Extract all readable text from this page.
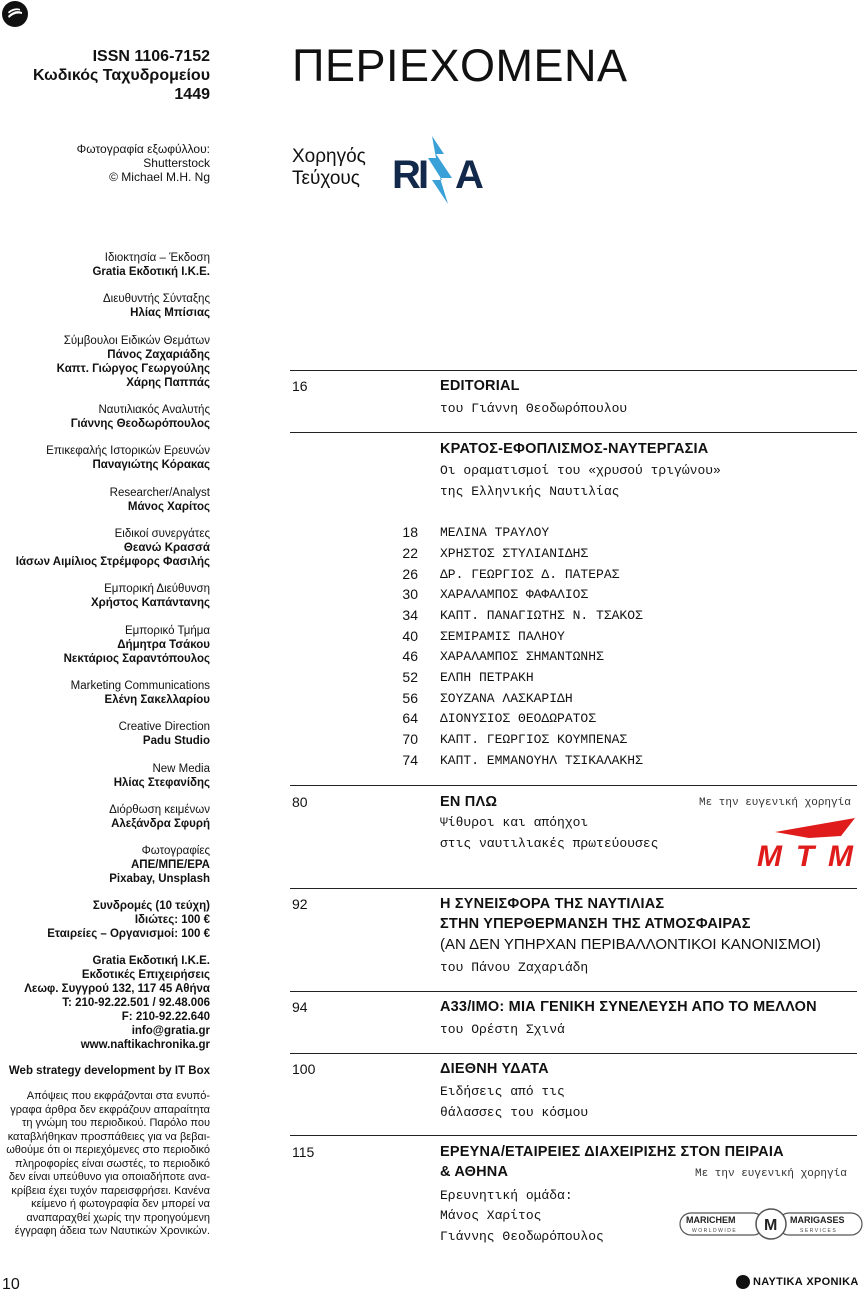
ISSN 1106-7152
Κωδικός Ταχυδρομείου
1449
Φωτογραφία εξωφύλλου:
Shutterstock
© Michael M.H. Ng
ΠΕΡΙΕΧΟΜΕΝΑ
Χορηγός
Τεύχους R
I A
Ιδιοκτησία – Έκδοση
Gratia Εκδοτική Ι.Κ.Ε.
Διευθυντής Σύνταξης
Ηλίας Μπίσιας
Σύμβουλοι Ειδικών Θεμάτων
Πάνος Ζαχαριάδης
Καπτ. Γιώργος Γεωργούλης
Χάρης Παππάς
Ναυτιλιακός Αναλυτής
Γιάννης Θεοδωρόπουλος
Επικεφαλής Ιστορικών Ερευνών
Παναγιώτης Κόρακας
Researcher/Analyst
Μάνος Χαρίτος
Ειδικοί συνεργάτες
Θεανώ Κρασσά
Ιάσων Αιμίλιος Στρέμφορς Φασιλής
Εμπορική Διεύθυνση
Χρήστος Καπάντανης
Εμπορικό Τμήμα
Δήμητρα Τσάκου
Νεκτάριος Σαραντόπουλος
Marketing Communications
Ελένη Σακελλαρίου
Creative Direction
Padu Studio
New Media
Ηλίας Στεφανίδης
Διόρθωση κειμένων
Αλεξάνδρα Σφυρή
Φωτογραφίες
ΑΠΕ/ΜΠΕ/EPA
Pixabay, Unsplash
Συνδρομές (10 τεύχη)
Ιδιώτες: 100 €
Εταιρείες – Οργανισμοί: 100 €
Gratia Εκδοτική Ι.Κ.Ε.
Εκδοτικές Επιχειρήσεις
Λεωφ. Συγγρού 132, 117 45 Αθήνα
T: 210-92.22.501 / 92.48.006
F: 210-92.22.640
info@gratia.gr
www.naftikachronika.gr
Web strategy development by IT Box
Απόψεις που εκφράζονται στα ενυπό-
γραφα άρθρα δεν εκφράζουν απαραίτητα
τη γνώμη του περιοδικού. Παρόλο που
καταβλήθηκαν προσπάθειες για να βεβαι-
ωθούμε ότι οι περιεχόμενες στο περιοδικό
πληροφορίες είναι σωστές, το περιοδικό
δεν είναι υπεύθυνο για οποιαδήποτε ανα-
κρίβεια έχει τυχόν παρεισφρήσει. Κανένα
κείμενο ή φωτογραφία δεν μπορεί να
αναπαραχθεί χωρίς την προηγούμενη
έγγραφη άδεια των Ναυτικών Χρονικών.
16	EDITORIAL
του Γιάννη Θεοδωρόπουλου
ΚΡΑΤΟΣ-ΕΦΟΠΛΙΣΜΟΣ-ΝΑΥΤΕΡΓΑΣΙΑ
Οι οραματισμοί του «χρυσού τριγώνου»
της Ελληνικής Ναυτιλίας
18 ΜΕΛΙΝΑ ΤΡΑΥΛΟΥ
22 ΧΡΗΣΤΟΣ ΣΤΥΛΙΑΝΙΔΗΣ
26 ΔΡ. ΓΕΩΡΓΙΟΣ Δ. ΠΑΤΕΡΑΣ
30 ΧΑΡΑΛΑΜΠΟΣ ΦΑΦΑΛΙΟΣ
34 ΚΑΠΤ. ΠΑΝΑΓΙΩΤΗΣ Ν. ΤΣΑΚΟΣ
40 ΣΕΜΙΡΑΜΙΣ ΠΑΛΗΟΥ
46 ΧΑΡΑΛΑΜΠΟΣ ΣΗΜΑΝΤΩΝΗΣ
52 ΕΛΠΗ ΠΕΤΡΑΚΗ
56 ΣΟΥΖΑΝΑ ΛΑΣΚΑΡΙΔΗ
64 ΔΙΟΝΥΣΙΟΣ ΘΕΟΔΩΡΑΤΟΣ
70 ΚΑΠΤ. ΓΕΩΡΓΙΟΣ ΚΟΥΜΠΕΝΑΣ
74 ΚΑΠΤ. ΕΜΜΑΝΟΥΗΛ ΤΣΙΚΑΛΑΚΗΣ
80	ΕΝ ΠΛΩ	Με την ευγενική χορηγία
Ψίθυροι και απόηχοι
στις ναυτιλιακές πρωτεύουσες	MTM
92	Η ΣΥΝΕΙΣΦΟΡΑ ΤΗΣ ΝΑΥΤΙΛΙΑΣ
ΣΤΗΝ ΥΠΕΡΘΕΡΜΑΝΣΗ ΤΗΣ ΑΤΜΟΣΦΑΙΡΑΣ
(ΑΝ ΔΕΝ ΥΠΗΡΧΑΝ ΠΕΡΙΒΑΛΛΟΝΤΙΚΟΙ ΚΑΝΟΝΙΣΜΟΙ)
του Πάνου Ζαχαριάδη
94	Α33/ΙΜΟ: ΜΙΑ ΓΕΝΙΚΗ ΣΥΝΕΛΕΥΣΗ ΑΠΟ ΤΟ ΜΕΛΛΟΝ
του Ορέστη Σχινά
100	ΔΙΕΘΝΗ ΥΔΑΤΑ
Ειδήσεις από τις
θάλασσες του κόσμου
115	ΕΡΕΥΝΑ/ΕΤΑΙΡΕΙΕΣ ΔΙΑΧΕΙΡΙΣΗΣ ΣΤΟΝ ΠΕΙΡΑΙΑ
& ΑΘΗΝΑ	Με την ευγενική χορηγία
Ερευνητική ομάδα:
Μάνος Χαρίτος
Γιάννης Θεοδωρόπουλος
MARICHEM
WORLDWIDE M MARIGASES
SERVICES
10	ΝΑΥΤΙΚΑ ΧΡΟΝΙΚΑ
